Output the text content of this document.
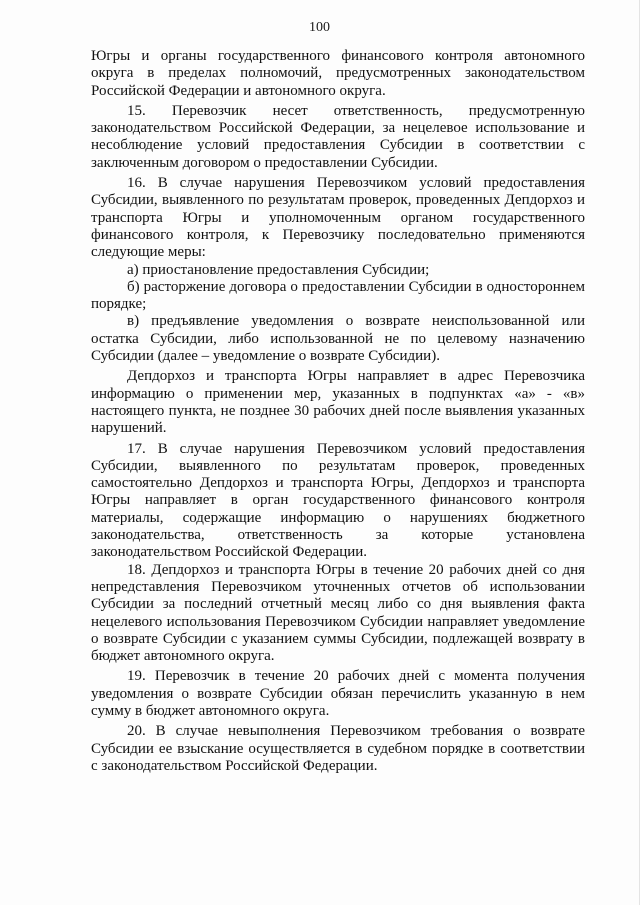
100

Югры и органы государственного финансового контроля автономного округа в пределах полномочий, предусмотренных законодательством Российской Федерации и автономного округа.

15. Перевозчик несет ответственность, предусмотренную законодательством Российской Федерации, за нецелевое использование и несоблюдение условий предоставления Субсидии в соответствии с заключенным договором о предоставлении Субсидии.

16. В случае нарушения Перевозчиком условий предоставления Субсидии, выявленного по результатам проверок, проведенных Депдорхоз и транспорта Югры и уполномоченным органом государственного финансового контроля, к Перевозчику последовательно применяются следующие меры:

а) приостановление предоставления Субсидии;

б) расторжение договора о предоставлении Субсидии в одностороннем порядке;

в) предъявление уведомления о возврате неиспользованной или остатка Субсидии, либо использованной не по целевому назначению Субсидии (далее – уведомление о возврате Субсидии).

Депдорхоз и транспорта Югры направляет в адрес Перевозчика информацию о применении мер, указанных в подпунктах «а» - «в» настоящего пункта, не позднее 30 рабочих дней после выявления указанных нарушений.

17. В случае нарушения Перевозчиком условий предоставления Субсидии, выявленного по результатам проверок, проведенных самостоятельно Депдорхоз и транспорта Югры, Депдорхоз и транспорта Югры направляет в орган государственного финансового контроля материалы, содержащие информацию о нарушениях бюджетного законодательства, ответственность за которые установлена законодательством Российской Федерации.

18. Депдорхоз и транспорта Югры в течение 20 рабочих дней со дня непредставления Перевозчиком уточненных отчетов об использовании Субсидии за последний отчетный месяц либо со дня выявления факта нецелевого использования Перевозчиком Субсидии направляет уведомление о возврате Субсидии с указанием суммы Субсидии, подлежащей возврату в бюджет автономного округа.

19. Перевозчик в течение 20 рабочих дней с момента получения уведомления о возврате Субсидии обязан перечислить указанную в нем сумму в бюджет автономного округа.

20. В случае невыполнения Перевозчиком требования о возврате Субсидии ее взыскание осуществляется в судебном порядке в соответствии с законодательством Российской Федерации.
